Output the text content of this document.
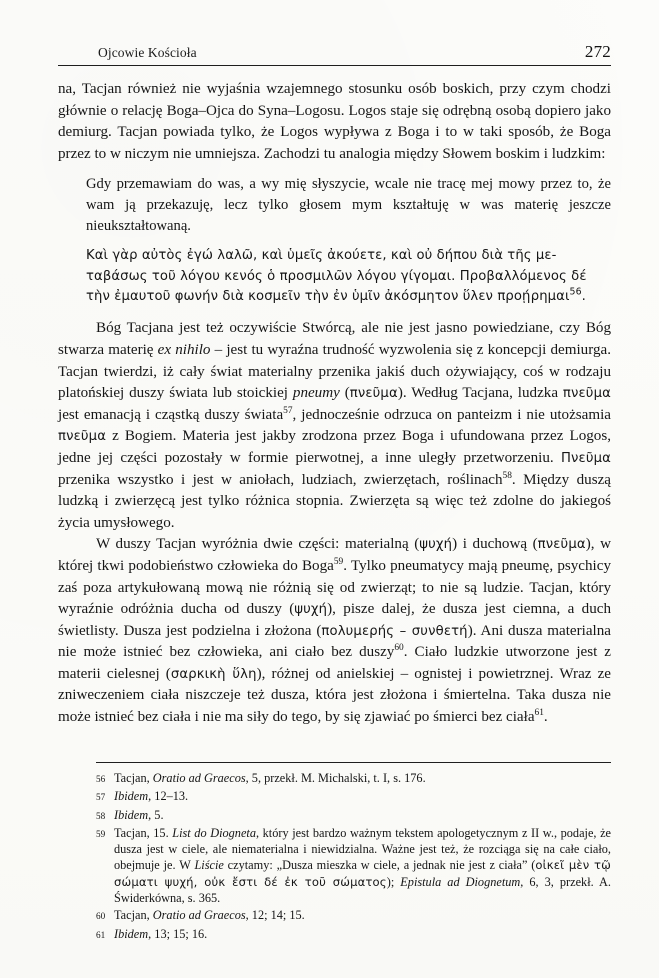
Ojcowie Kościoła	272

na, Tacjan również nie wyjaśnia wzajemnego stosunku osób boskich, przy czym chodzi głównie o relację Boga–Ojca do Syna–Logosu. Logos staje się odrębną osobą dopiero jako demiurg. Tacjan powiada tylko, że Logos wypływa z Boga i to w taki sposób, że Boga przez to w niczym nie umniejsza. Zachodzi tu analogia między Słowem boskim i ludzkim:

Gdy przemawiam do was, a wy mię słyszycie, wcale nie tracę mej mowy przez to, że wam ją przekazuję, lecz tylko głosem mym kształtuję w was materię jeszcze nieukształtowaną.

Καὶ γὰρ αὐτὸς ἐγώ λαλῶ, καὶ ὑμεῖς ἀκούετε, καὶ οὐ δήπου διὰ τῆς με-

ταβάσως τοῦ λόγου κενός ὁ προσμιλῶν λόγου γίγομαι. Προβαλλόμενος δέ

τὴν ἐμαυτοῦ φωνήν διὰ κοσμεῖν τὴν ἐν ὑμῖν ἀκόσμητον ὕλεν προῄρημαι$^{56}$.

Bóg Tacjana jest też oczywiście Stwórcą, ale nie jest jasno powiedziane, czy Bóg stwarza materię ex nihilo – jest tu wyraźna trudność wyzwolenia się z koncepcji demiurga. Tacjan twierdzi, iż cały świat materialny przenika jakiś duch ożywiający, coś w rodzaju platońskiej duszy świata lub stoickiej pneumy (πνεῦμα). Według Tacjana, ludzka πνεῦμα jest emanacją i cząstką duszy świata$^{57}$, jednocześnie odrzuca on panteizm i nie utożsamia πνεῦμα z Bogiem. Materia jest jakby zrodzona przez Boga i ufundowana przez Logos, jedne jej części pozostały w formie pierwotnej, a inne uległy przetworzeniu. Πνεῦμα przenika wszystko i jest w aniołach, ludziach, zwierzętach, roślinach$^{58}$. Między duszą ludzką i zwierzęcą jest tylko różnica stopnia. Zwierzęta są więc też zdolne do jakiegoś życia umysłowego.

W duszy Tacjan wyróżnia dwie części: materialną (ψυχή) i duchową (πνεῦμα), w której tkwi podobieństwo człowieka do Boga$^{59}$. Tylko pneumatycy mają pneumę, psychicy zaś poza artykułowaną mową nie różnią się od zwierząt; to nie są ludzie. Tacjan, który wyraźnie odróżnia ducha od duszy (ψυχή), pisze dalej, że dusza jest ciemna, a duch świetlisty. Dusza jest podzielna i złożona (πολυμερής – συνθετή). Ani dusza materialna nie może istnieć bez człowieka, ani ciało bez duszy$^{60}$. Ciało ludzkie utworzone jest z materii cielesnej (σαρκικὴ ὕλη), różnej od anielskiej – ognistej i powietrznej. Wraz ze zniweczeniem ciała niszczeje też dusza, która jest złożona i śmiertelna. Taka dusza nie może istnieć bez ciała i nie ma siły do tego, by się zjawiać po śmierci bez ciała$^{61}$.

56 Tacjan, Oratio ad Graecos, 5, przekł. M. Michalski, t. I, s. 176.
57 Ibidem, 12–13.
58 Ibidem, 5.
59 Tacjan, 15. List do Diogneta, który jest bardzo ważnym tekstem apologetycznym z II w., podaje, że dusza jest w ciele, ale niematerialna i niewidzialna. Ważne jest też, że rozciąga się na całe ciało, obejmuje je. W Liście czytamy: „Dusza mieszka w ciele, a jednak nie jest z ciała” (οἰκεῖ μὲν τῷ σώματι ψυχή, οὐκ ἔστι δέ ἐκ τοῦ σώματος); Epistula ad Diognetum, 6, 3, przekł. A. Świderkówna, s. 365.
60 Tacjan, Oratio ad Graecos, 12; 14; 15.
61 Ibidem, 13; 15; 16.
